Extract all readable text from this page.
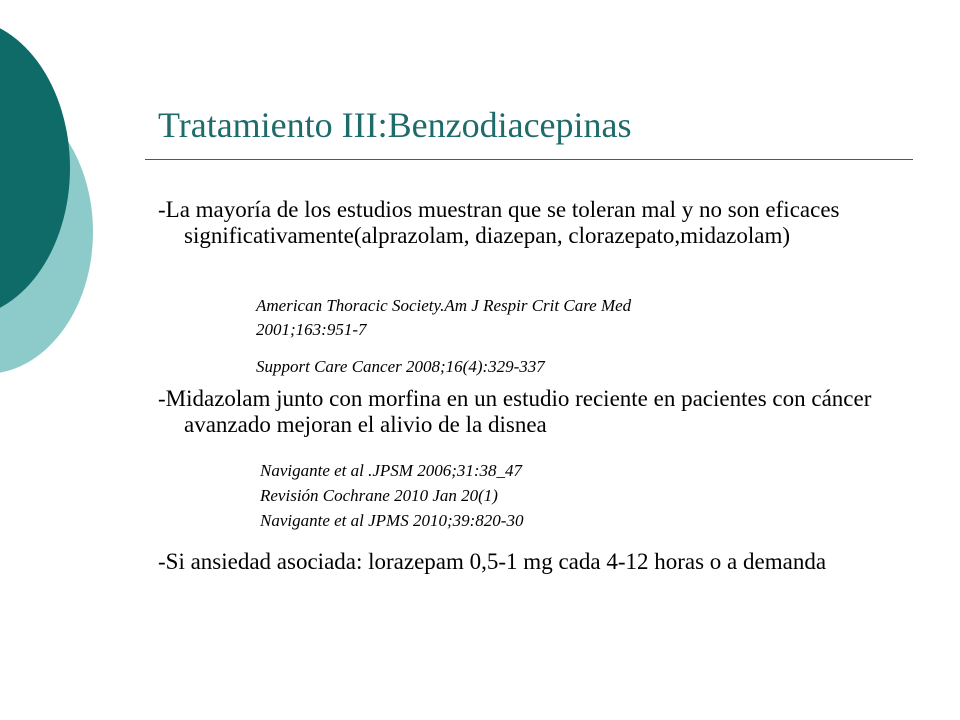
Tratamiento III:Benzodiacepinas
-La mayoría de los estudios muestran que se toleran mal y no son eficaces significativamente(alprazolam, diazepan, clorazepato,midazolam)
American Thoracic Society.Am J Respir Crit Care Med
2001;163:951-7
Support Care Cancer 2008;16(4):329-337
-Midazolam junto con morfina en un estudio reciente en pacientes con cáncer avanzado mejoran el alivio de la disnea
Navigante et al .JPSM 2006;31:38_47
Revisión Cochrane 2010 Jan 20(1)
Navigante et al JPMS 2010;39:820-30
-Si ansiedad asociada: lorazepam 0,5-1 mg cada 4-12 horas o a demanda
